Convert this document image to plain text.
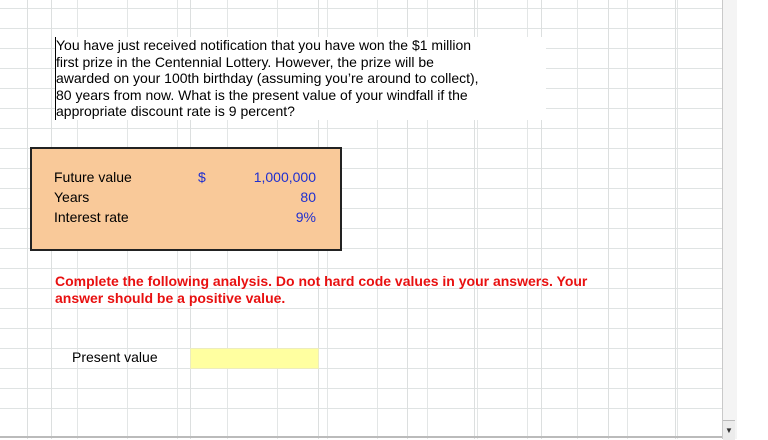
You have just received notification that you have won the $1 million
first prize in the Centennial Lottery. However, the prize will be
awarded on your 100th birthday (assuming you’re around to collect),
80 years from now. What is the present value of your windfall if the
appropriate discount rate is 9 percent?
Future value	$	1,000,000
Years	80
Interest rate	9%
Complete the following analysis. Do not hard code values in your answers. Your
answer should be a positive value.
Present value
▼
